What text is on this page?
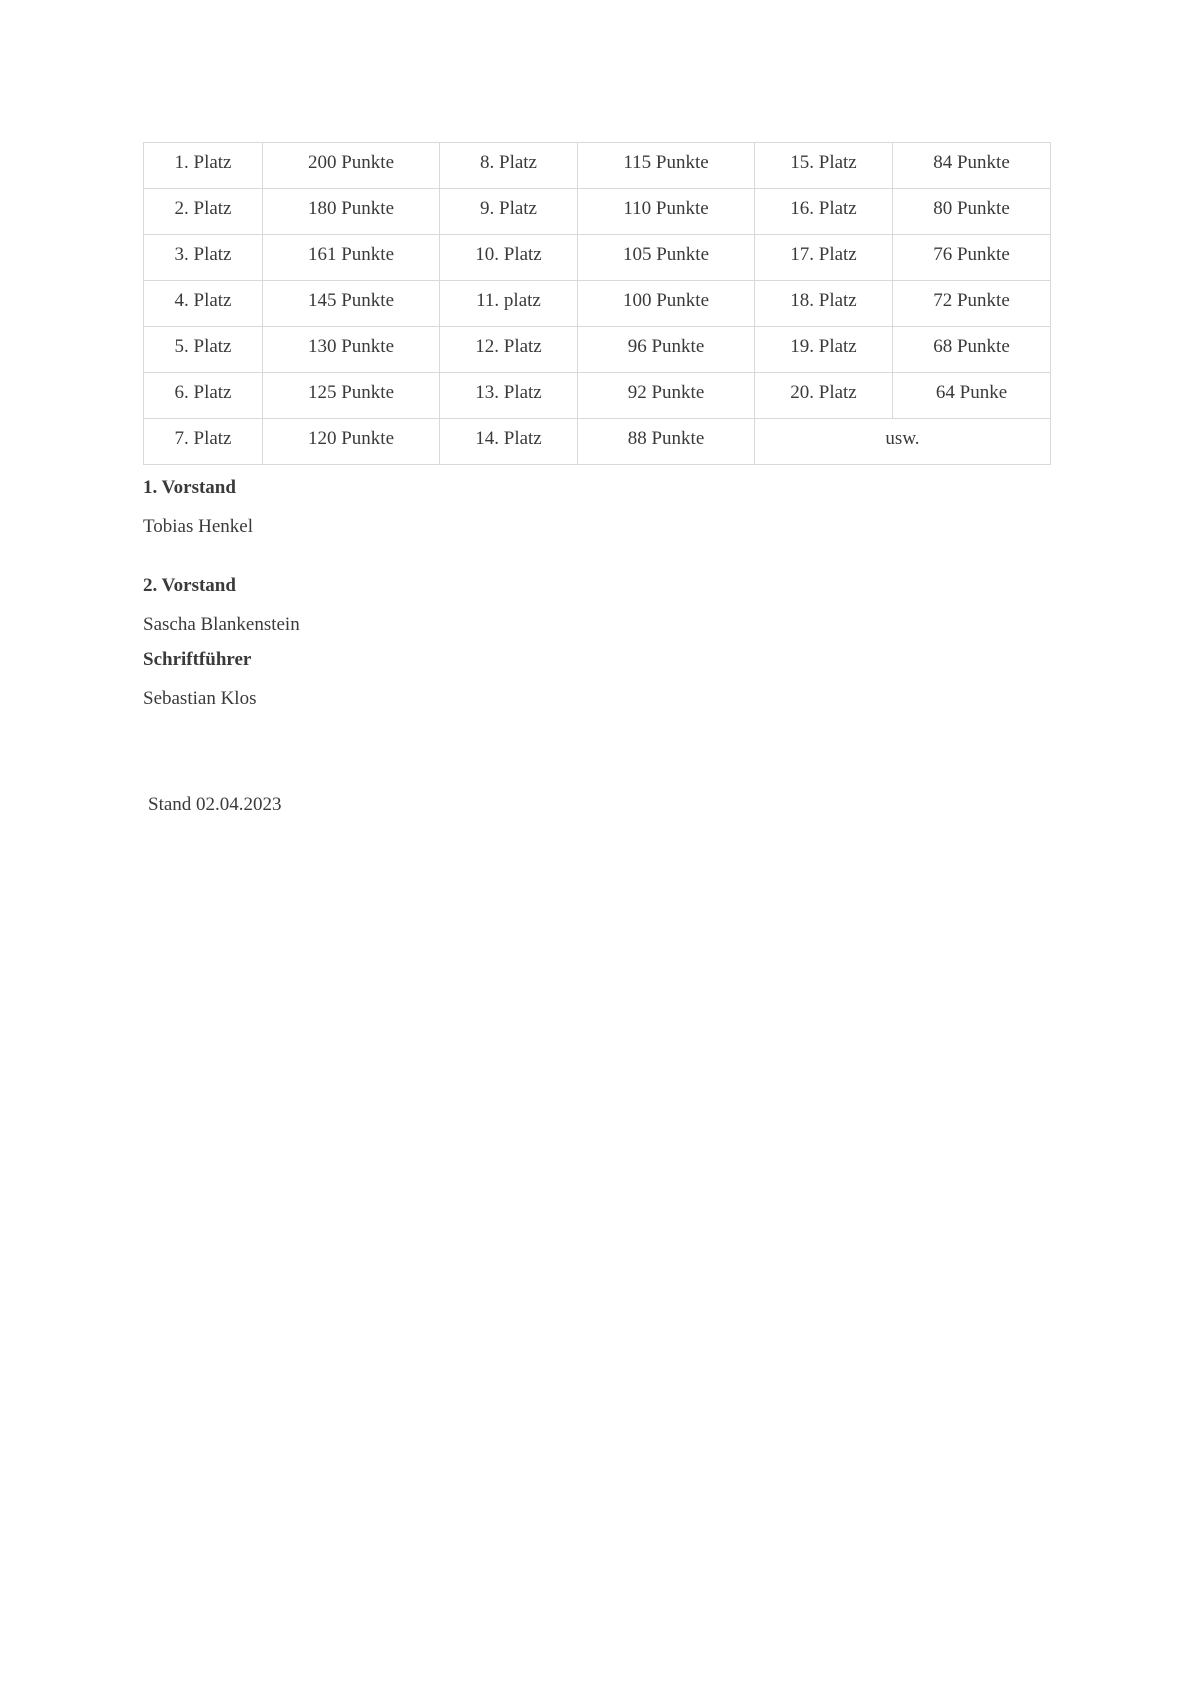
1. Platz	200 Punkte	8. Platz	115 Punkte	15. Platz	84 Punkte
2. Platz	180 Punkte	9. Platz	110 Punkte	16. Platz	80 Punkte
3. Platz	161 Punkte	10. Platz	105 Punkte	17. Platz	76 Punkte
4. Platz	145 Punkte	11. platz	100 Punkte	18. Platz	72 Punkte
5. Platz	130 Punkte	12. Platz	96 Punkte	19. Platz	68 Punkte
6. Platz	125 Punkte	13. Platz	92 Punkte	20. Platz	64 Punke
7. Platz	120 Punkte	14. Platz	88 Punkte	usw.	
1. Vorstand
Tobias Henkel
2. Vorstand
Sascha Blankenstein
Schriftführer
Sebastian Klos
Stand 02.04.2023
